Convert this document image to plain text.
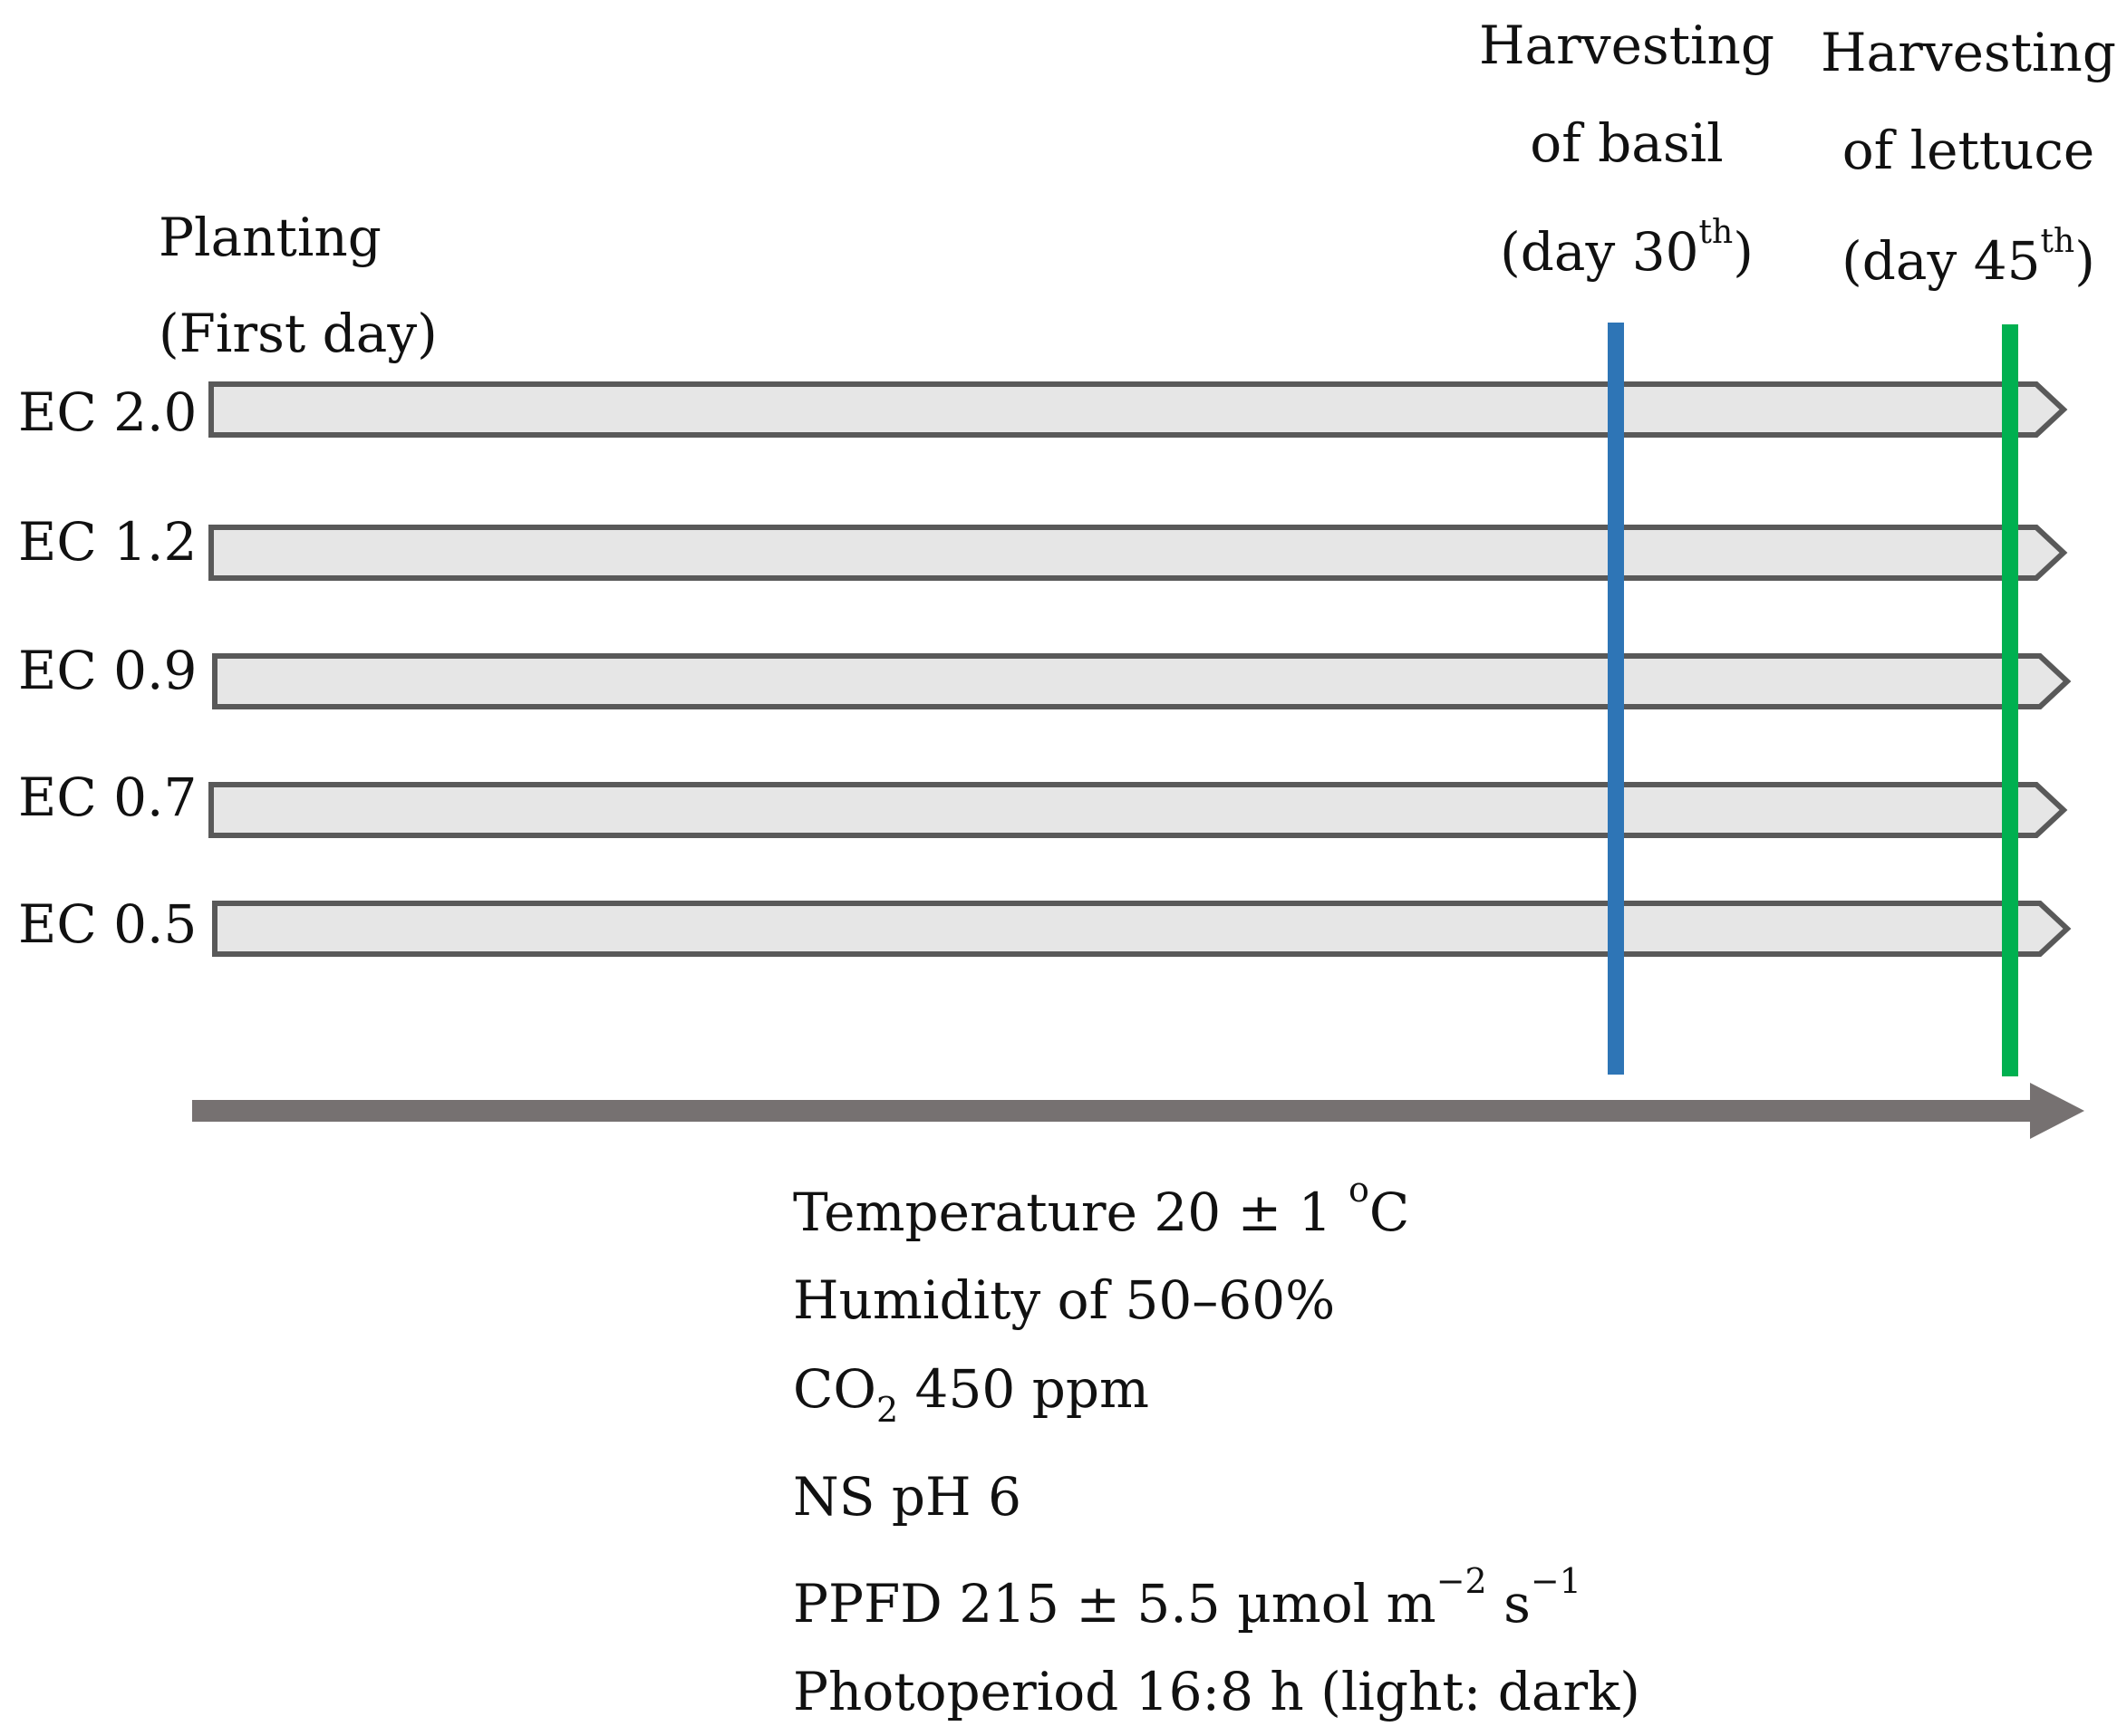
Planting
(First day)
Harvesting
of basil
(day 30th)
Harvesting
of lettuce
(day 45th)
EC 2.0
EC 1.2
EC 0.9
EC 0.7
EC 0.5
Temperature 20 ± 1 $^o$C
Humidity of 50–60%
$CO_2$ 450 ppm
NS pH 6
PPFD 215 ± 5.5 µmol $m^{-2}$ $s^{-1}$
Photoperiod 16:8 h (light: dark)
